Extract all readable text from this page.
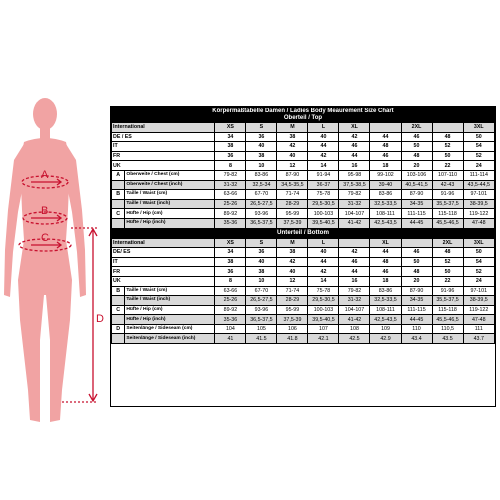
A
B
C
D
Körpermaßtabelle Damen / Ladies Body Meaurement Size Chart
Oberteil / Top										

International		XS	S	M	L	XL		2XL		3XL
DE / ES		34	36	38	40	42	44	46	48	50
IT		38	40	42	44	46	48	50	52	54
FR		36	38	40	42	44	46	48	50	52
UK		8	10	12	14	16	18	20	22	24
A	Oberweite / Chest (cm)	79-82	83-86	87-90	91-94	95-98	99-102	103-106	107-110	111-114
	Oberweite / Chest (inch)	31-32	32,5-34	34,5-35,5	36-37	37,5-38,5	39-40	40,5-41,5	42-43	43,5-44,5
B	Taille / Waist (cm)	63-66	67-70	71-74	75-78	79-82	83-86	87-90	91-96	97-101
	Taille / Waist (inch)	25-26	26,5-27,5	28-29	29,5-30,5	31-32	32,5-33,5	34-35	35,5-37,5	38-39,5
C	Hüfte / Hip (cm)	89-92	93-96	95-99	100-103	104-107	108-111	111-115	115-118	119-122
	Hüfte / Hip (inch)	35-36	36,5-37,5	37,5-39	39,5-40,5	41-42	42,5-43,5	44-45	45,5-46,5	47-48
Unterteil / Bottom										
International		XS	S	M	L		XL		2XL	3XL
DE/ ES		34	36	38	40	42	44	46	48	50
IT		38	40	42	44	46	48	50	52	54
FR		36	38	40	42	44	46	48	50	52
UK		8	10	12	14	16	18	20	22	24
B	Taille / Waist (cm)	63-66	67-70	71-74	75-78	79-82	83-86	87-90	91-96	97-101
	Taille / Waist (inch)	25-26	26,5-27,5	28-29	29,5-30,5	31-32	32,5-33,5	34-35	35,5-37,5	38-39,5
C	Hüfte / Hip (cm)	89-92	93-96	95-99	100-103	104-107	108-111	111-115	115-118	119-122
	Hüfte / Hip (inch)	35-36	36,5-37,5	37,5-39	39,5-40,5	41-42	42,5-43,5	44-45	45,5-46,5	47-48
D	Seitenlänge / Sideseam (cm)	104	105	106	107	108	109	110	110,5	111
	Seitenlänge / Sideseam (inch)	41	41.5	41.8	42.1	42.5	42.9	43.4	43.5	43.7
